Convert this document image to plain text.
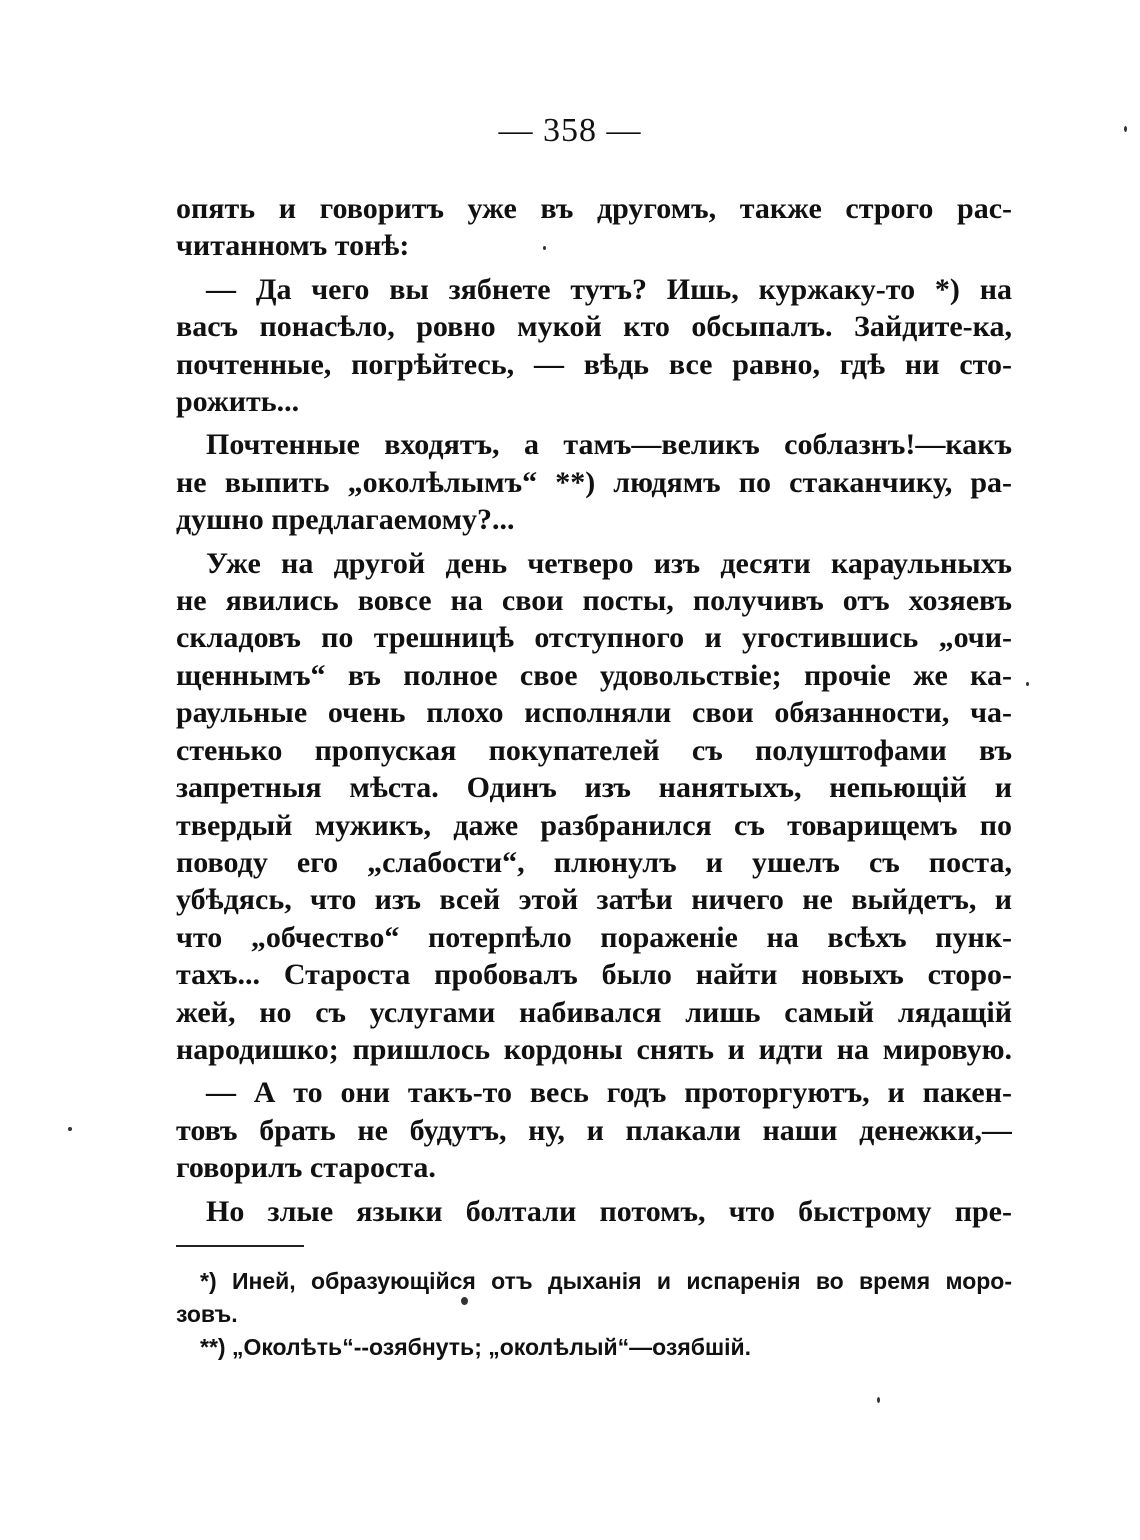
— 358 —
опять и говоритъ уже въ другомъ, также строго рас-
читанномъ тонѣ:
— Да чего вы зябнете тутъ? Ишь, куржаку-то *) на
васъ понасѣло, ровно мукой кто обсыпалъ. Зайдите-ка,
почтенные, погрѣйтесь, — вѣдь все равно, гдѣ ни сто-
рожить...
Почтенные входятъ, а тамъ—великъ соблазнъ!—какъ
не выпить „околѣлымъ“ **) людямъ по стаканчику, ра-
душно предлагаемому?...
Уже на другой день четверо изъ десяти караульныхъ
не явились вовсе на свои посты, получивъ отъ хозяевъ
складовъ по трешницѣ отступного и угостившись „очи-
щеннымъ“ въ полное свое удовольствіе; прочіе же ка-
раульные очень плохо исполняли свои обязанности, ча-
стенько пропуская покупателей съ полуштофами въ
запретныя мѣста. Одинъ изъ нанятыхъ, непьющій и
твердый мужикъ, даже разбранился съ товарищемъ по
поводу его „слабости“, плюнулъ и ушелъ съ поста,
убѣдясь, что изъ всей этой затѣи ничего не выйдетъ, и
что „обчество“ потерпѣло пораженіе на всѣхъ пунк-
тахъ... Староста пробовалъ было найти новыхъ сторо-
жей, но съ услугами набивался лишь самый лядащій
народишко; пришлось кордоны снять и идти на мировую.
— А то они такъ-то весь годъ проторгуютъ, и пакен-
товъ брать не будутъ, ну, и плакали наши денежки,—
говорилъ староста.
Но злые языки болтали потомъ, что быстрому пре-
*) Иней, образующійся отъ дыханія и испаренія во время моро-
зовъ.
**) „Околѣть“--озябнуть; „околѣлый“—озябшій.
